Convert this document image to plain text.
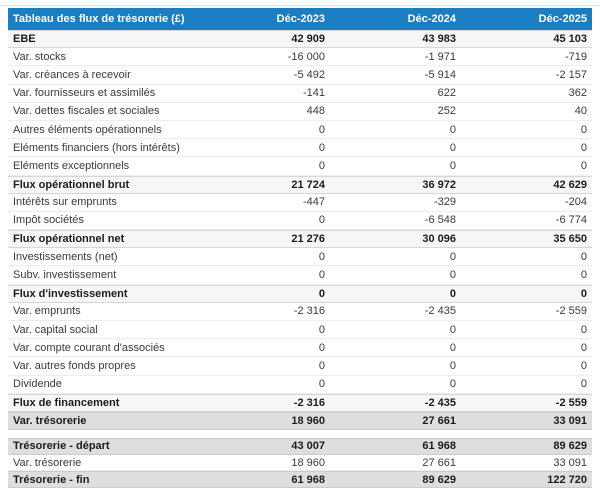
Tableau des flux de trésorerie (£)	Déc-2023	Déc-2024	Déc-2025
EBE	42 909	43 983	45 103
Var. stocks	-16 000	-1 971	-719
Var. créances à recevoir	-5 492	-5 914	-2 157
Var. fournisseurs et assimilés	-141	622	362
Var. dettes fiscales et sociales	448	252	40
Autres éléments opérationnels	0	0	0
Eléments financiers (hors intérêts)	0	0	0
Eléments exceptionnels	0	0	0
Flux opérationnel brut	21 724	36 972	42 629
Intérêts sur emprunts	-447	-329	-204
Impôt sociétés	0	-6 548	-6 774
Flux opérationnel net	21 276	30 096	35 650
Investissements (net)	0	0	0
Subv. investissement	0	0	0
Flux d'investissement	0	0	0
Var. emprunts	-2 316	-2 435	-2 559
Var. capital social	0	0	0
Var. compte courant d'associés	0	0	0
Var. autres fonds propres	0	0	0
Dividende	0	0	0
Flux de financement	-2 316	-2 435	-2 559
Var. trésorerie	18 960	27 661	33 091
Trésorerie - départ	43 007	61 968	89 629
Var. trésorerie	18 960	27 661	33 091
Trésorerie - fin	61 968	89 629	122 720
